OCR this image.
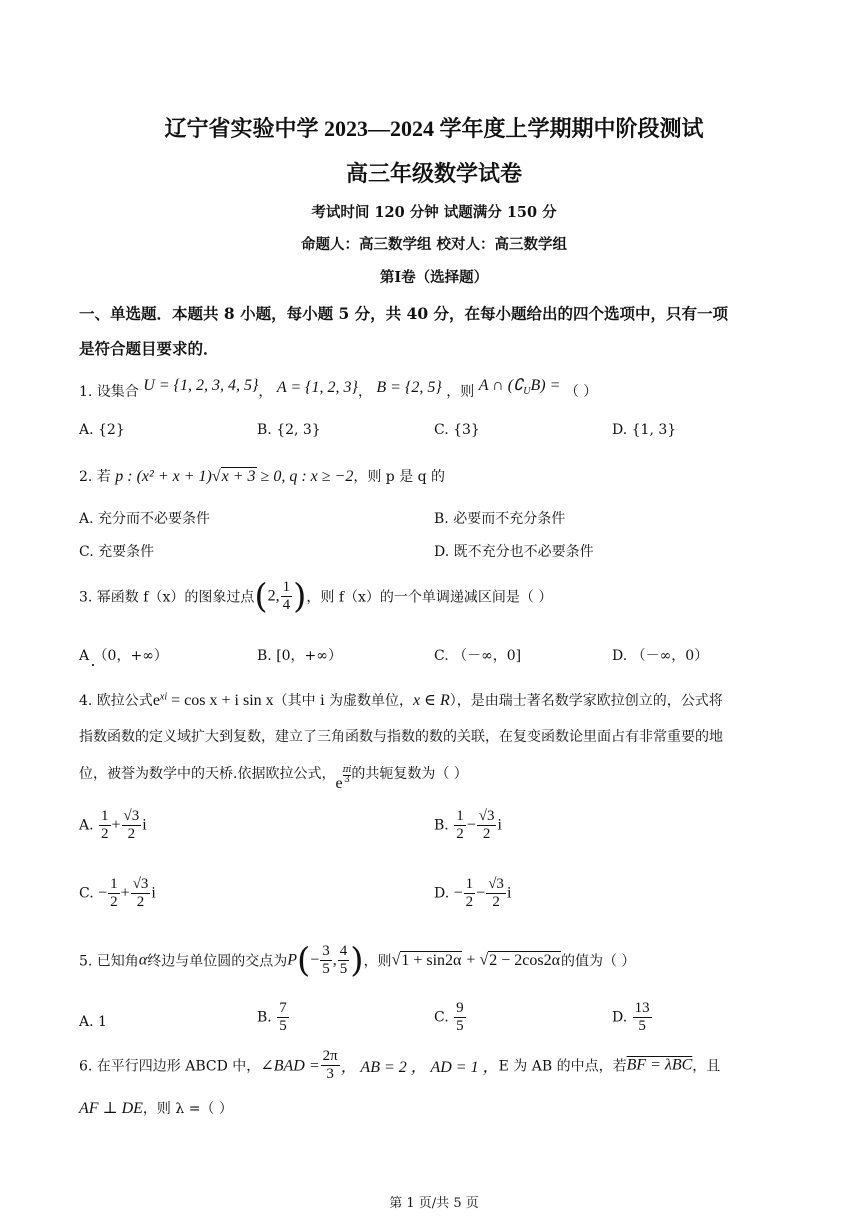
辽宁省实验中学 2023—2024 学年度上学期期中阶段测试
高三年级数学试卷
考试时间 120 分钟 试题满分 150 分
命题人：高三数学组 校对人：高三数学组
第Ⅰ卷（选择题）
一、单选题．本题共 8 小题，每小题 5 分，共 40 分，在每小题给出的四个选项中，只有一项
是符合题目要求的．
1. 设集合 U = {1, 2, 3, 4, 5}， A = {1, 2, 3}， B = {2, 5} ，则 A ∩ $(∁_UB)$ = （ ）
A. {2}	B. {2, 3}	C. {3}	D. {1, 3}
2. 若 p : (x² + x + 1)√x + 3 ≥ 0, q : x ≥ −2，则 p 是 q 的
A. 充分而不必要条件	B. 必要而不充分条件
C. 充要条件	D. 既不充分也不必要条件
3. 幂函数 f（x）的图象过点(2, $\frac{1}{4}$ )，则 f（x）的一个单调递减区间是（ ）
A （0，+∞）	B. [0，+∞）	C. （－∞，0]	D. （－∞，0）
4. 欧拉公式$e^{xi} = \cos x + i$ sin x（其中 i 为虚数单位，x ∈ R），是由瑞士著名数学家欧拉创立的，公式将
指数函数的定义域扩大到复数，建立了三角函数与指数的数的关联，在复变函数论里面占有非常重要的地
位，被誉为数学中的天桥.依据欧拉公式，e $\frac{\pi i}{3}$ 的共轭复数为（ ）
A. $\frac{1}{2} + \frac{√3}{2}$ i	B. $\frac{1}{2} - \frac{√3}{2}$ i
C. − $\frac{1}{2} + \frac{√3}{2}$ i	D. − $\frac{1}{2} - \frac{√3}{2}$ i
5. 已知角α终边与单位圆的交点为$P(- \frac{3}{5}$ , $\frac{4}{5}$ )，则√1 + sin2α + √2 − 2cos2α的值为（ ）
A. 1	B. $\frac{7}{5}$	C. $\frac{9}{5}$	D. $\frac{13}{5}$
6. 在平行四边形 ABCD 中，∠BAD = $\frac{2\pi}{3}$ ， AB = 2 ， AD = 1 ，E 为 AB 的中点，若BF = λBC，且
AF ⊥ DE，则 λ =（ ）
第 1 页/共 5 页
